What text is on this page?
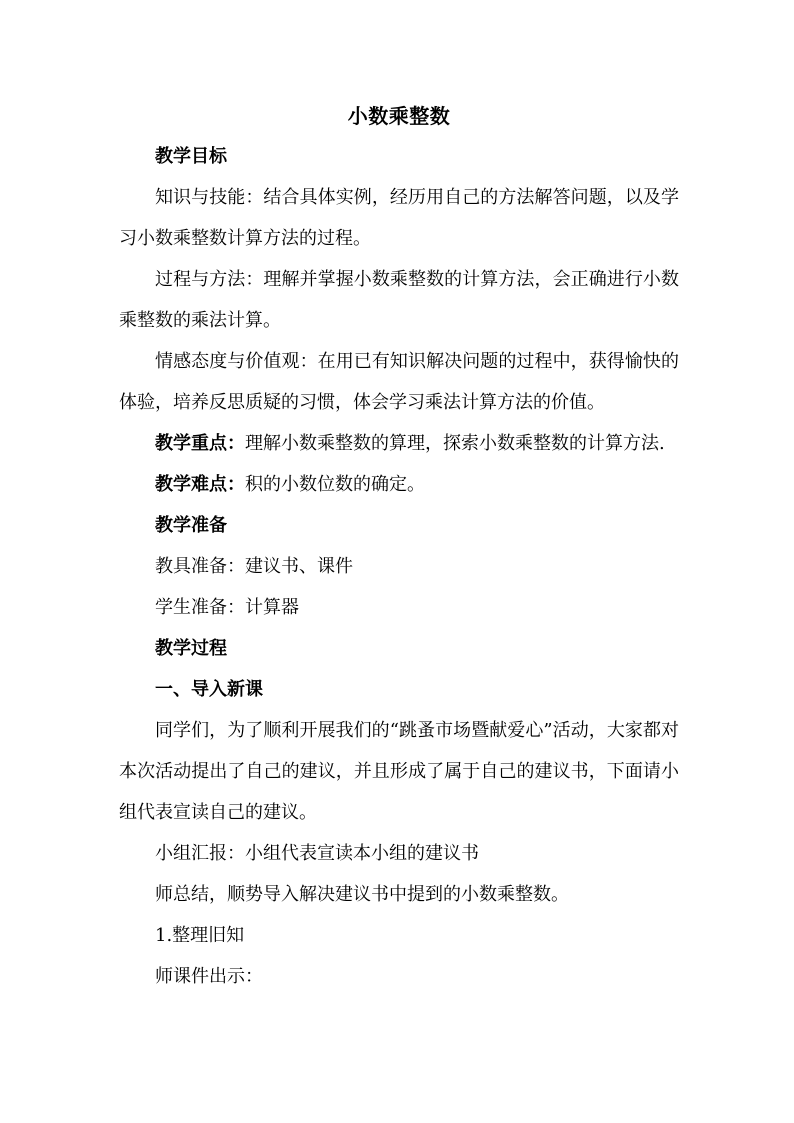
小数乘整数
教学目标
知识与技能：结合具体实例，经历用自己的方法解答问题，以及学习小数乘整数计算方法的过程。
过程与方法：理解并掌握小数乘整数的计算方法，会正确进行小数乘整数的乘法计算。
情感态度与价值观：在用已有知识解决问题的过程中，获得愉快的体验，培养反思质疑的习惯，体会学习乘法计算方法的价值。
教学重点：理解小数乘整数的算理，探索小数乘整数的计算方法.
教学难点：积的小数位数的确定。
教学准备
教具准备：建议书、课件
学生准备：计算器
教学过程
一、导入新课
同学们，为了顺利开展我们的“跳蚤市场暨献爱心”活动，大家都对本次活动提出了自己的建议，并且形成了属于自己的建议书，下面请小组代表宣读自己的建议。
小组汇报：小组代表宣读本小组的建议书
师总结，顺势导入解决建议书中提到的小数乘整数。
1.整理旧知
师课件出示：
